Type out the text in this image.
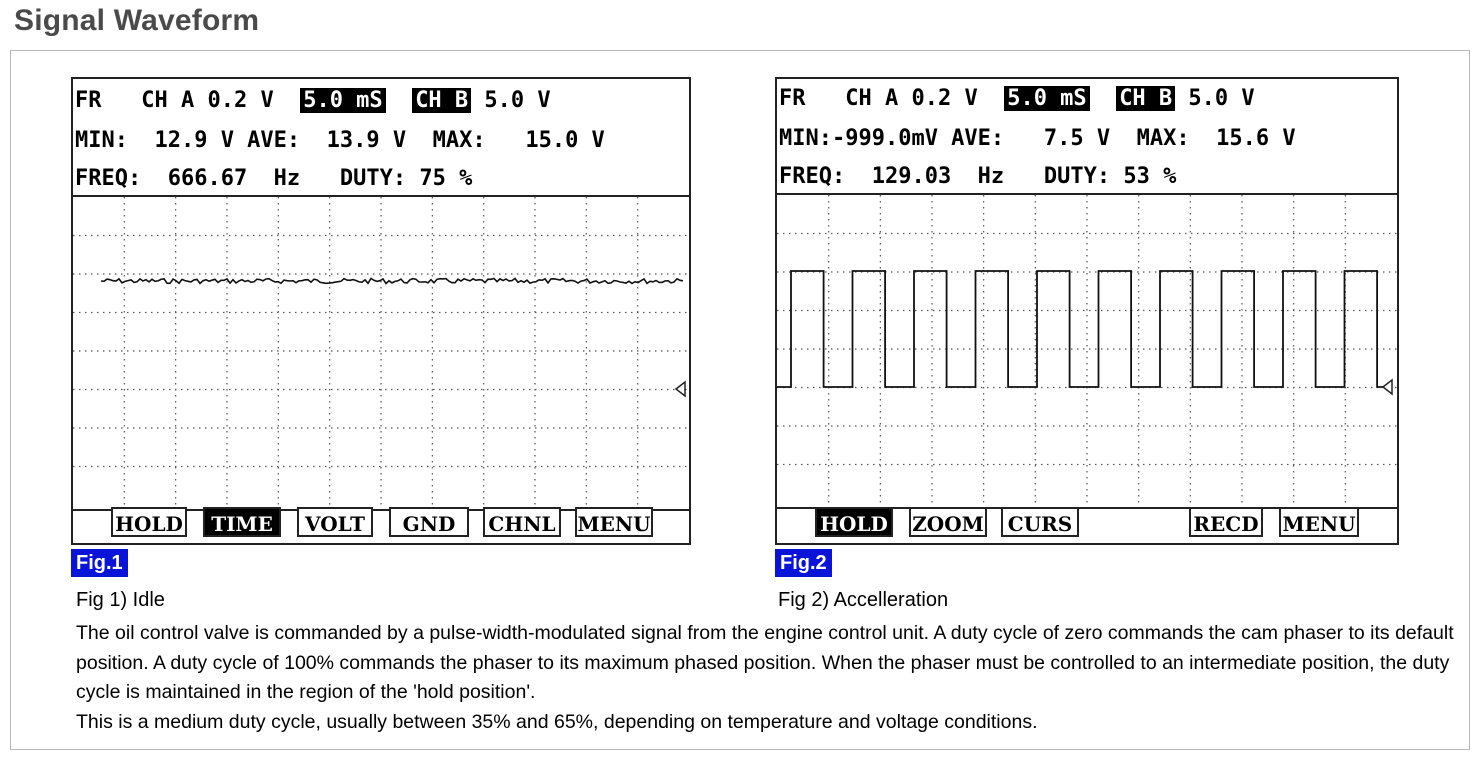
Signal Waveform
FR CH A 0.2 V 5.0 mS CH B 5.0 V
MIN:  12.9 V AVE:  13.9 V  MAX:   15.0 V
FREQ:  666.67  Hz   DUTY: 75 %
HOLD	TIME	VOLT	GND	CHNL MENU
Fig.1
Fig 1) Idle
FR CH A 0.2 V 5.0 mS CH B 5.0 V
MIN:-999.0mV AVE:   7.5 V  MAX:  15.6 V
FREQ:  129.03  Hz   DUTY: 53 %
HOLD ZOOM	CURS	RECD MENU
Fig.2
Fig 2) Accelleration

The oil control valve is commanded by a pulse-width-modulated signal from the engine control unit. A duty cycle of zero commands the cam phaser to its default position. A duty cycle of 100% commands the phaser to its maximum phased position. When the phaser must be controlled to an intermediate position, the duty cycle is maintained in the region of the 'hold position'.

This is a medium duty cycle, usually between 35% and 65%, depending on temperature and voltage conditions.
